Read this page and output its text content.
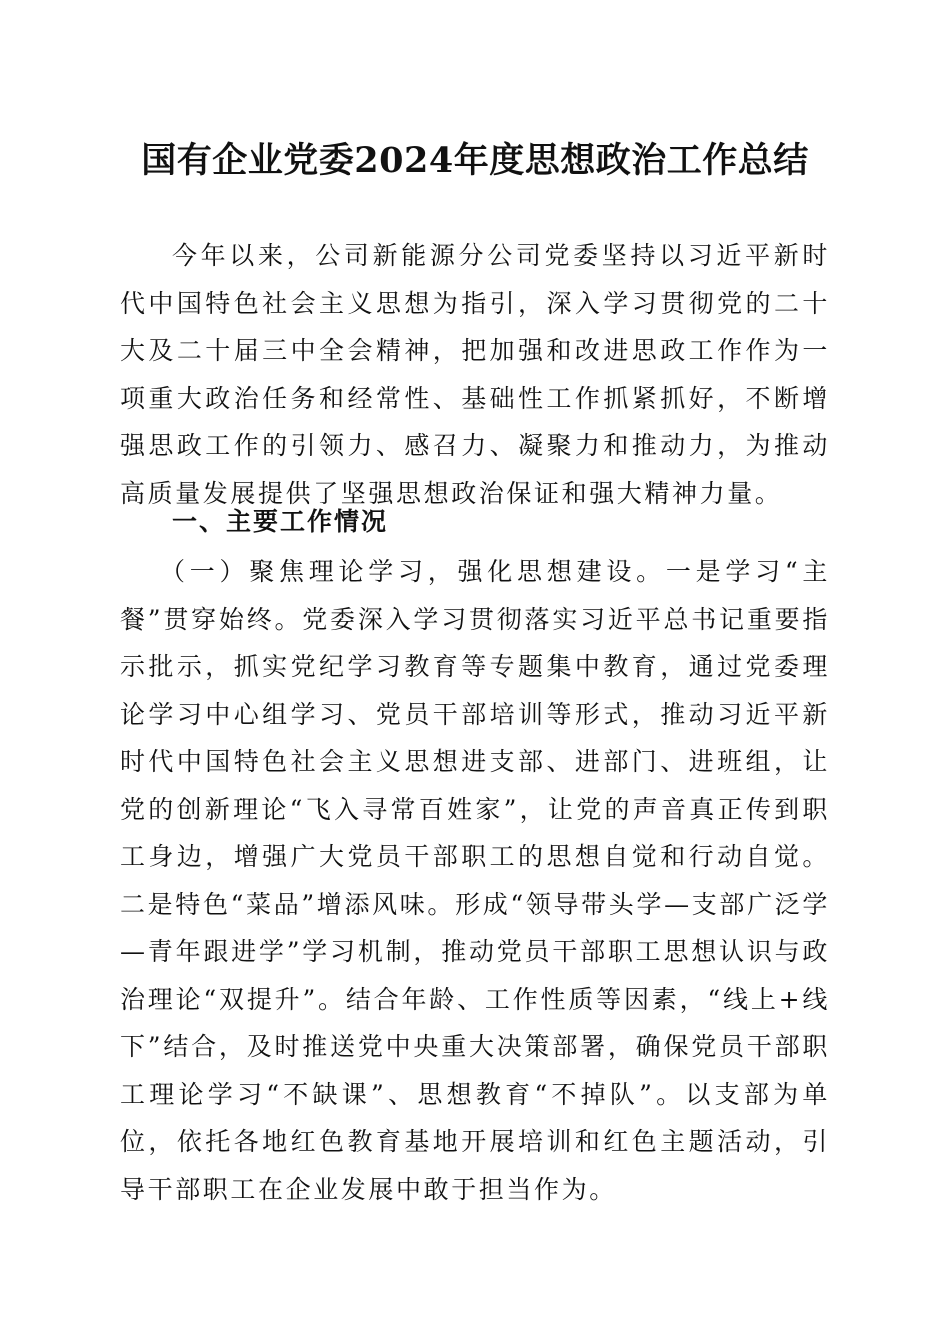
国有企业党委2024年度思想政治工作总结

今年以来，公司新能源分公司党委坚持以习近平新时代中国特色社会主义思想为指引，深入学习贯彻党的二十大及二十届三中全会精神，把加强和改进思政工作作为一项重大政治任务和经常性、基础性工作抓紧抓好，不断增强思政工作的引领力、感召力、凝聚力和推动力，为推动高质量发展提供了坚强思想政治保证和强大精神力量。

一、主要工作情况

（一）聚焦理论学习，强化思想建设。一是学习“主餐”贯穿始终。党委深入学习贯彻落实习近平总书记重要指示批示，抓实党纪学习教育等专题集中教育，通过党委理论学习中心组学习、党员干部培训等形式，推动习近平新时代中国特色社会主义思想进支部、进部门、进班组，让党的创新理论“飞入寻常百姓家”，让党的声音真正传到职工身边，增强广大党员干部职工的思想自觉和行动自觉。二是特色“菜品”增添风味。形成“领导带头学—支部广泛学—青年跟进学”学习机制，推动党员干部职工思想认识与政治理论“双提升”。结合年龄、工作性质等因素，“线上+线下”结合，及时推送党中央重大决策部署，确保党员干部职工理论学习“不缺课”、思想教育“不掉队”。以支部为单位，依托各地红色教育基地开展培训和红色主题活动，引导干部职工在企业发展中敢于担当作为。
